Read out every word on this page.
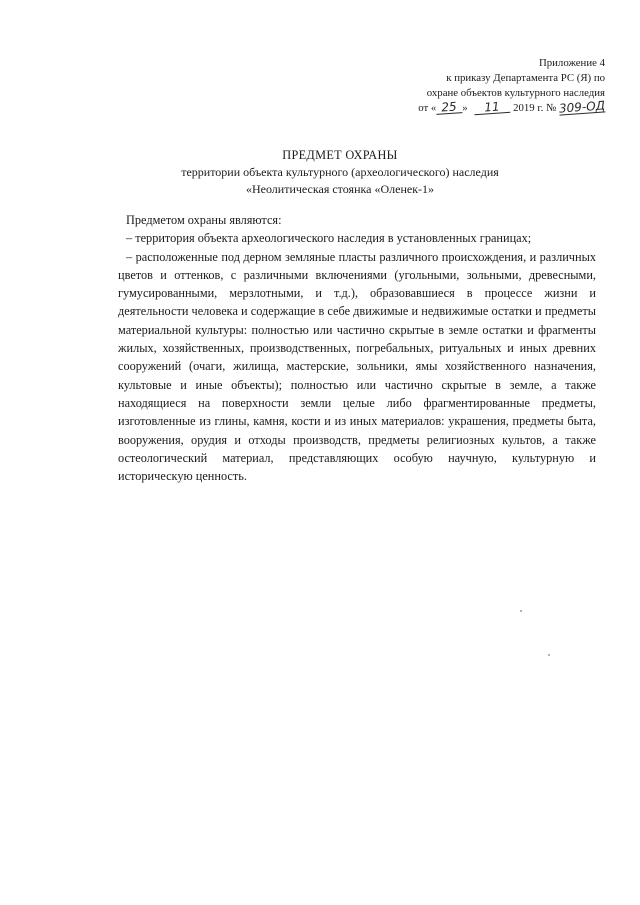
Приложение 4
к приказу Департамента РС (Я) по
охране объектов культурного наследия
от « 25 » 11 2019 г. № 309-ОД
ПРЕДМЕТ ОХРАНЫ
территории объекта культурного (археологического) наследия
«Неолитическая стоянка «Оленек-1»

Предметом охраны являются:

– территория объекта археологического наследия в установленных границах;

– расположенные под дерном земляные пласты различного происхождения, и различных цветов и оттенков, с различными включениями (угольными, зольными, древесными, гумусированными, мерзлотными, и т.д.), образовавшиеся в процессе жизни и деятельности человека и содержащие в себе движимые и недвижимые остатки и предметы материальной культуры: полностью или частично скрытые в земле остатки и фрагменты жилых, хозяйственных, производственных, погребальных, ритуальных и иных древних сооружений (очаги, жилища, мастерские, зольники, ямы хозяйственного назначения, культовые и иные объекты); полностью или частично скрытые в земле, а также находящиеся на поверхности земли целые либо фрагментированные предметы, изготовленные из глины, камня, кости и из иных материалов: украшения, предметы быта, вооружения, орудия и отходы производств, предметы религиозных культов, а также остеологический материал, представляющих особую научную, культурную и историческую ценность.
